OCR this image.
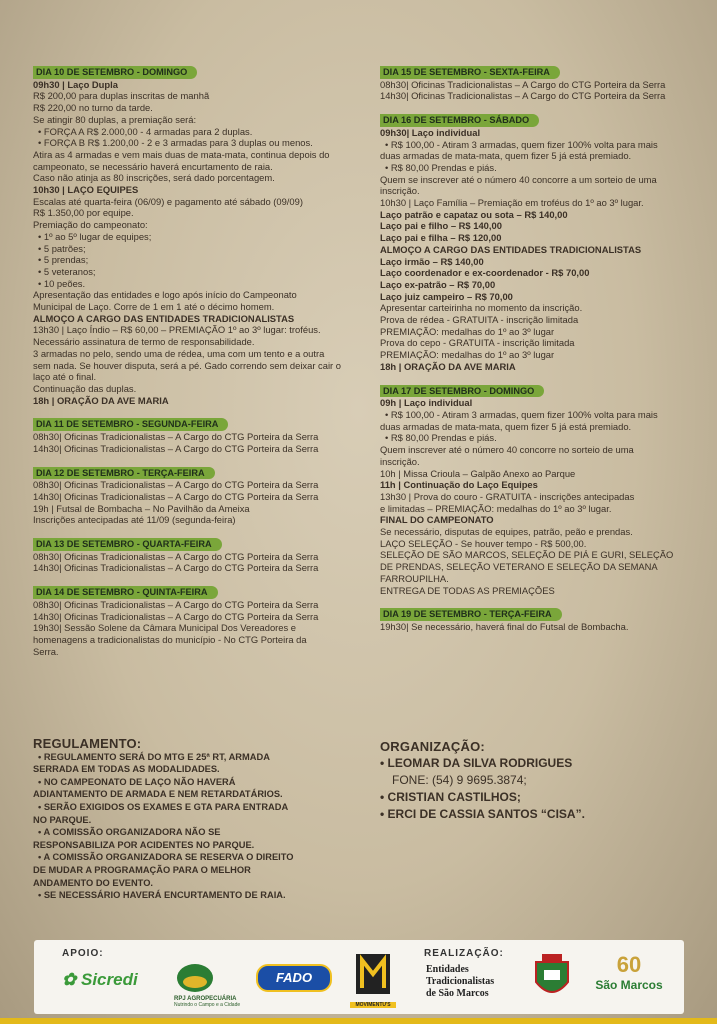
DIA 10 DE SETEMBRO - DOMINGO
09h30 | Laço Dupla
R$ 200,00 para duplas inscritas de manhã
R$ 220,00 no turno da tarde.
Se atingir 80 duplas, a premiação será:
• FORÇA A R$ 2.000,00 - 4 armadas para 2 duplas.
• FORÇA B R$ 1.200,00 - 2 e 3 armadas para 3 duplas ou menos.
Atira as 4 armadas e vem mais duas de mata-mata, continua depois do
campeonato, se necessário haverá encurtamento de raia.
Caso não atinja as 80 inscrições, será dado porcentagem.
10h30 | LAÇO EQUIPES
Escalas até quarta-feira (06/09) e pagamento até sábado (09/09)
R$ 1.350,00 por equipe.
Premiação do campeonato:
• 1º ao 5º lugar de equipes;
• 5 patrões;
• 5 prendas;
• 5 veteranos;
• 10 peões.
Apresentação das entidades e logo após início do Campeonato
Municipal de Laço. Corre de 1 em 1 até o décimo homem.
ALMOÇO A CARGO DAS ENTIDADES TRADICIONALISTAS
13h30 | Laço Índio – R$ 60,00 – PREMIAÇÃO 1º ao 3º lugar: troféus.
Necessário assinatura de termo de responsabilidade.
3 armadas no pelo, sendo uma de rédea, uma com um tento e a outra
sem nada. Se houver disputa, será a pé. Gado correndo sem deixar cair o
laço até o final.
Continuação das duplas.
18h | ORAÇÃO DA AVE MARIA
DIA 11 DE SETEMBRO - SEGUNDA-FEIRA
08h30| Oficinas Tradicionalistas – A Cargo do CTG Porteira da Serra
14h30| Oficinas Tradicionalistas – A Cargo do CTG Porteira da Serra
DIA 12 DE SETEMBRO - TERÇA-FEIRA
08h30| Oficinas Tradicionalistas – A Cargo do CTG Porteira da Serra
14h30| Oficinas Tradicionalistas – A Cargo do CTG Porteira da Serra
19h | Futsal de Bombacha – No Pavilhão da Ameixa
Inscrições antecipadas até 11/09 (segunda-feira)
DIA 13 DE SETEMBRO - QUARTA-FEIRA
08h30| Oficinas Tradicionalistas – A Cargo do CTG Porteira da Serra
14h30| Oficinas Tradicionalistas – A Cargo do CTG Porteira da Serra
DIA 14 DE SETEMBRO - QUINTA-FEIRA
08h30| Oficinas Tradicionalistas – A Cargo do CTG Porteira da Serra
14h30| Oficinas Tradicionalistas – A Cargo do CTG Porteira da Serra
19h30| Sessão Solene da Câmara Municipal Dos Vereadores e
homenagens a tradicionalistas do município - No CTG Porteira da
Serra.
DIA 15 DE SETEMBRO - SEXTA-FEIRA
08h30| Oficinas Tradicionalistas – A Cargo do CTG Porteira da Serra
14h30| Oficinas Tradicionalistas – A Cargo do CTG Porteira da Serra
DIA 16 DE SETEMBRO - SÁBADO
09h30| Laço individual
• R$ 100,00 - Atiram 3 armadas, quem fizer 100% volta para mais
duas armadas de mata-mata, quem fizer 5 já está premiado.
• R$ 80,00 Prendas e piás.
Quem se inscrever até o número 40 concorre a um sorteio de uma
inscrição.
10h30 | Laço Família – Premiação em troféus do 1º ao 3º lugar.
Laço patrão e capataz ou sota – R$ 140,00
Laço pai e filho – R$ 140,00
Laço pai e filha – R$ 120,00
ALMOÇO A CARGO DAS ENTIDADES TRADICIONALISTAS
Laço irmão – R$ 140,00
Laço coordenador e ex-coordenador - R$ 70,00
Laço ex-patrão – R$ 70,00
Laço juiz campeiro – R$ 70,00
Apresentar carteirinha no momento da inscrição.
Prova de rédea - GRATUITA - inscrição limitada
PREMIAÇÃO: medalhas do 1º ao 3º lugar
Prova do cepo - GRATUITA - inscrição limitada
PREMIAÇÃO: medalhas do 1º ao 3º lugar
18h | ORAÇÃO DA AVE MARIA
DIA 17 DE SETEMBRO - DOMINGO
09h | Laço individual
• R$ 100,00 - Atiram 3 armadas, quem fizer 100% volta para mais
duas armadas de mata-mata, quem fizer 5 já está premiado.
• R$ 80,00 Prendas e piás.
Quem inscrever até o número 40 concorre no sorteio de uma
inscrição.
10h | Missa Crioula – Galpão Anexo ao Parque
11h | Continuação do Laço Equipes
13h30 | Prova do couro - GRATUITA - inscrições antecipadas
e limitadas – PREMIAÇÃO: medalhas do 1º ao 3º lugar.
FINAL DO CAMPEONATO
Se necessário, disputas de equipes, patrão, peão e prendas.
LAÇO SELEÇÃO - Se houver tempo - R$ 500,00.
SELEÇÃO DE SÃO MARCOS, SELEÇÃO DE PIÁ E GURI, SELEÇÃO
DE PRENDAS, SELEÇÃO VETERANO E SELEÇÃO DA SEMANA
FARROUPILHA.
ENTREGA DE TODAS AS PREMIAÇÕES
DIA 19 DE SETEMBRO - TERÇA-FEIRA
19h30| Se necessário, haverá final do Futsal de Bombacha.
REGULAMENTO:
• REGULAMENTO SERÁ DO MTG E 25ª RT, ARMADA
SERRADA EM TODAS AS MODALIDADES.
• NO CAMPEONATO DE LAÇO NÃO HAVERÁ
ADIANTAMENTO DE ARMADA E NEM RETARDATÁRIOS.
• SERÃO EXIGIDOS OS EXAMES E GTA PARA ENTRADA
NO PARQUE.
• A COMISSÃO ORGANIZADORA NÃO SE
RESPONSABILIZA POR ACIDENTES NO PARQUE.
• A COMISSÃO ORGANIZADORA SE RESERVA O DIREITO
DE MUDAR A PROGRAMAÇÃO PARA O MELHOR
ANDAMENTO DO EVENTO.
• SE NECESSÁRIO HAVERÁ ENCURTAMENTO DE RAIA.
ORGANIZAÇÃO:
• LEOMAR DA SILVA RODRIGUES
FONE: (54) 9 9695.3874;
• CRISTIAN CASTILHOS;
• ERCI DE CASSIA SANTOS “CISA”.
APOIO:
✿ Sicredi
RPJ AGROPECUÁRIA
Nutrindo o Campo e a Cidade
FADO
MOVIMENTU'S
REALIZAÇÃO:
Entidades
Tradicionalistas
de São Marcos
60
São Marcos
